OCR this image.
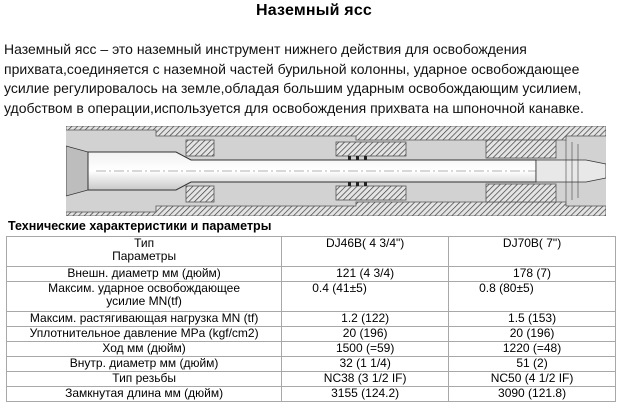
Наземный ясс
Наземный ясс – это наземный инструмент нижнего действия для освобождения
прихвата,соединяется с наземной частей бурильной колонны, ударное освобождающее
усилие регулировалось на земле,обладая большим ударным освобождающим усилием,
удобством в операции,используется для освобождения прихвата на шпоночной канавке.
Технические характеристики и параметры
Тип
Параметры	DJ46B( 4 3/4")	DJ70B( 7")
Внешн. диаметр мм (дюйм)	121 (4 3/4)	178 (7)
Максим. ударное освобождающее
усилие MN(tf)	0.4 (41±5)	0.8 (80±5)
Максим. растягивающая нагрузка MN (tf)	1.2 (122)	1.5 (153)
Уплотнительное давление MPa (kgf/cm2)	20 (196)	20 (196)
Ход мм (дюйм)	1500 (=59)	1220 (=48)
Внутр. диаметр мм (дюйм)	32 (1 1/4)	51 (2)
Тип резьбы	NC38 (3 1/2 IF)	NC50 (4 1/2 IF)
Замкнутая длина мм (дюйм)	3155 (124.2)	3090 (121.8)
